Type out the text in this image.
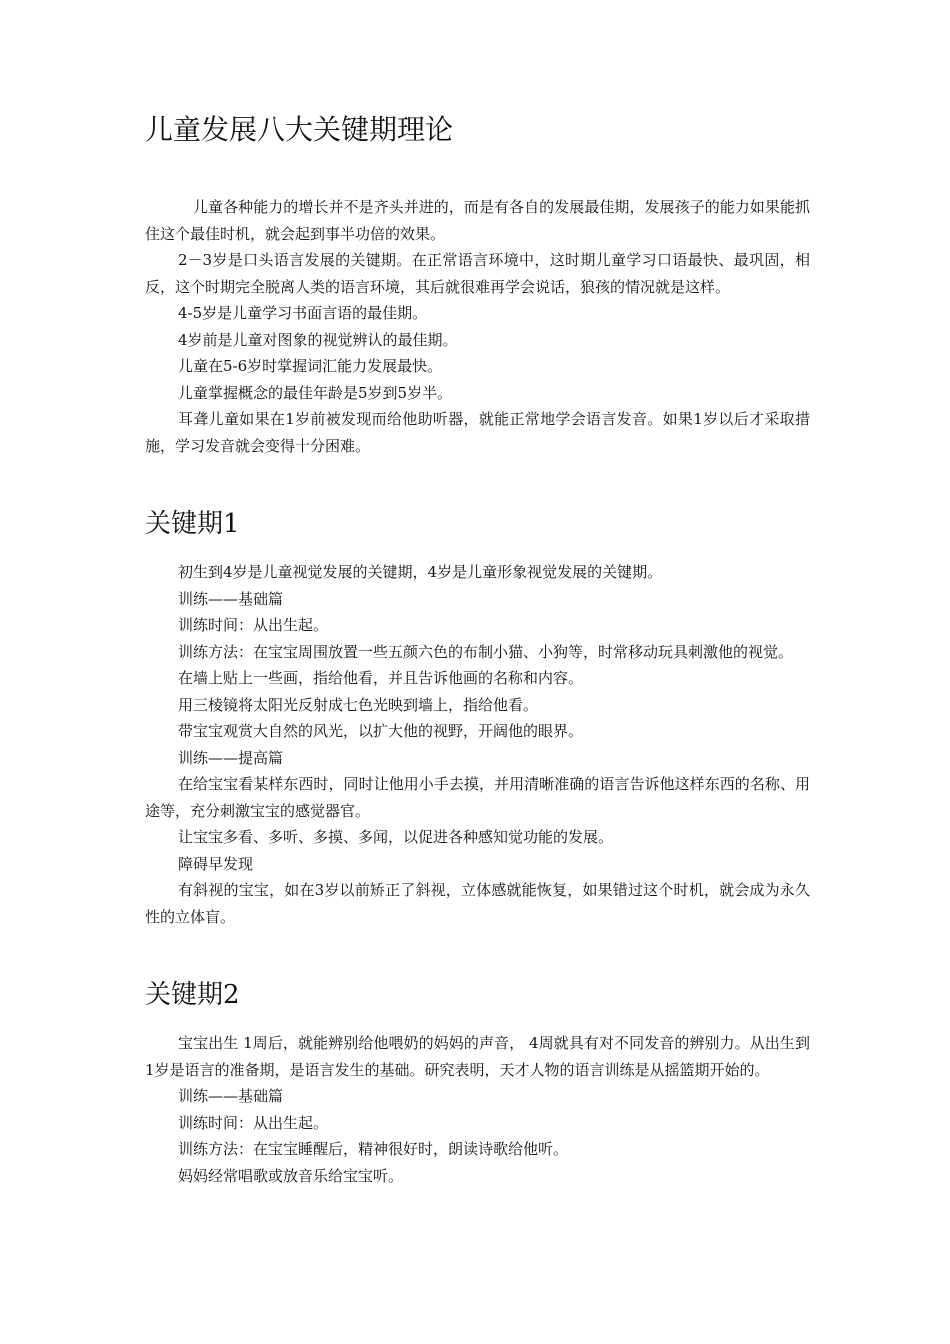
儿童发展八大关键期理论

儿童各种能力的增长并不是齐头并进的，而是有各自的发展最佳期，发展孩子的能力如果能抓住这个最佳时机，就会起到事半功倍的效果。

2－3岁是口头语言发展的关键期。在正常语言环境中，这时期儿童学习口语最快、最巩固，相反，这个时期完全脱离人类的语言环境，其后就很难再学会说话，狼孩的情况就是这样。

4-5岁是儿童学习书面言语的最佳期。

4岁前是儿童对图象的视觉辨认的最佳期。

儿童在5-6岁时掌握词汇能力发展最快。

儿童掌握概念的最佳年龄是5岁到5岁半。

耳聋儿童如果在1岁前被发现而给他助听器，就能正常地学会语言发音。如果1岁以后才采取措施，学习发音就会变得十分困难。

关键期1

初生到4岁是儿童视觉发展的关键期，4岁是儿童形象视觉发展的关键期。

训练——基础篇

训练时间：从出生起。

训练方法：在宝宝周围放置一些五颜六色的布制小猫、小狗等，时常移动玩具刺激他的视觉。

在墙上贴上一些画，指给他看，并且告诉他画的名称和内容。

用三棱镜将太阳光反射成七色光映到墙上，指给他看。

带宝宝观赏大自然的风光，以扩大他的视野，开阔他的眼界。

训练——提高篇

在给宝宝看某样东西时，同时让他用小手去摸，并用清晰准确的语言告诉他这样东西的名称、用途等，充分刺激宝宝的感觉器官。

让宝宝多看、多听、多摸、多闻，以促进各种感知觉功能的发展。

障碍早发现

有斜视的宝宝，如在3岁以前矫正了斜视，立体感就能恢复，如果错过这个时机，就会成为永久性的立体盲。

关键期2

宝宝出生 1周后，就能辨别给他喂奶的妈妈的声音， 4周就具有对不同发音的辨别力。从出生到 1岁是语言的准备期，是语言发生的基础。研究表明，天才人物的语言训练是从摇篮期开始的。

训练——基础篇

训练时间：从出生起。

训练方法：在宝宝睡醒后，精神很好时，朗读诗歌给他听。

妈妈经常唱歌或放音乐给宝宝听。
